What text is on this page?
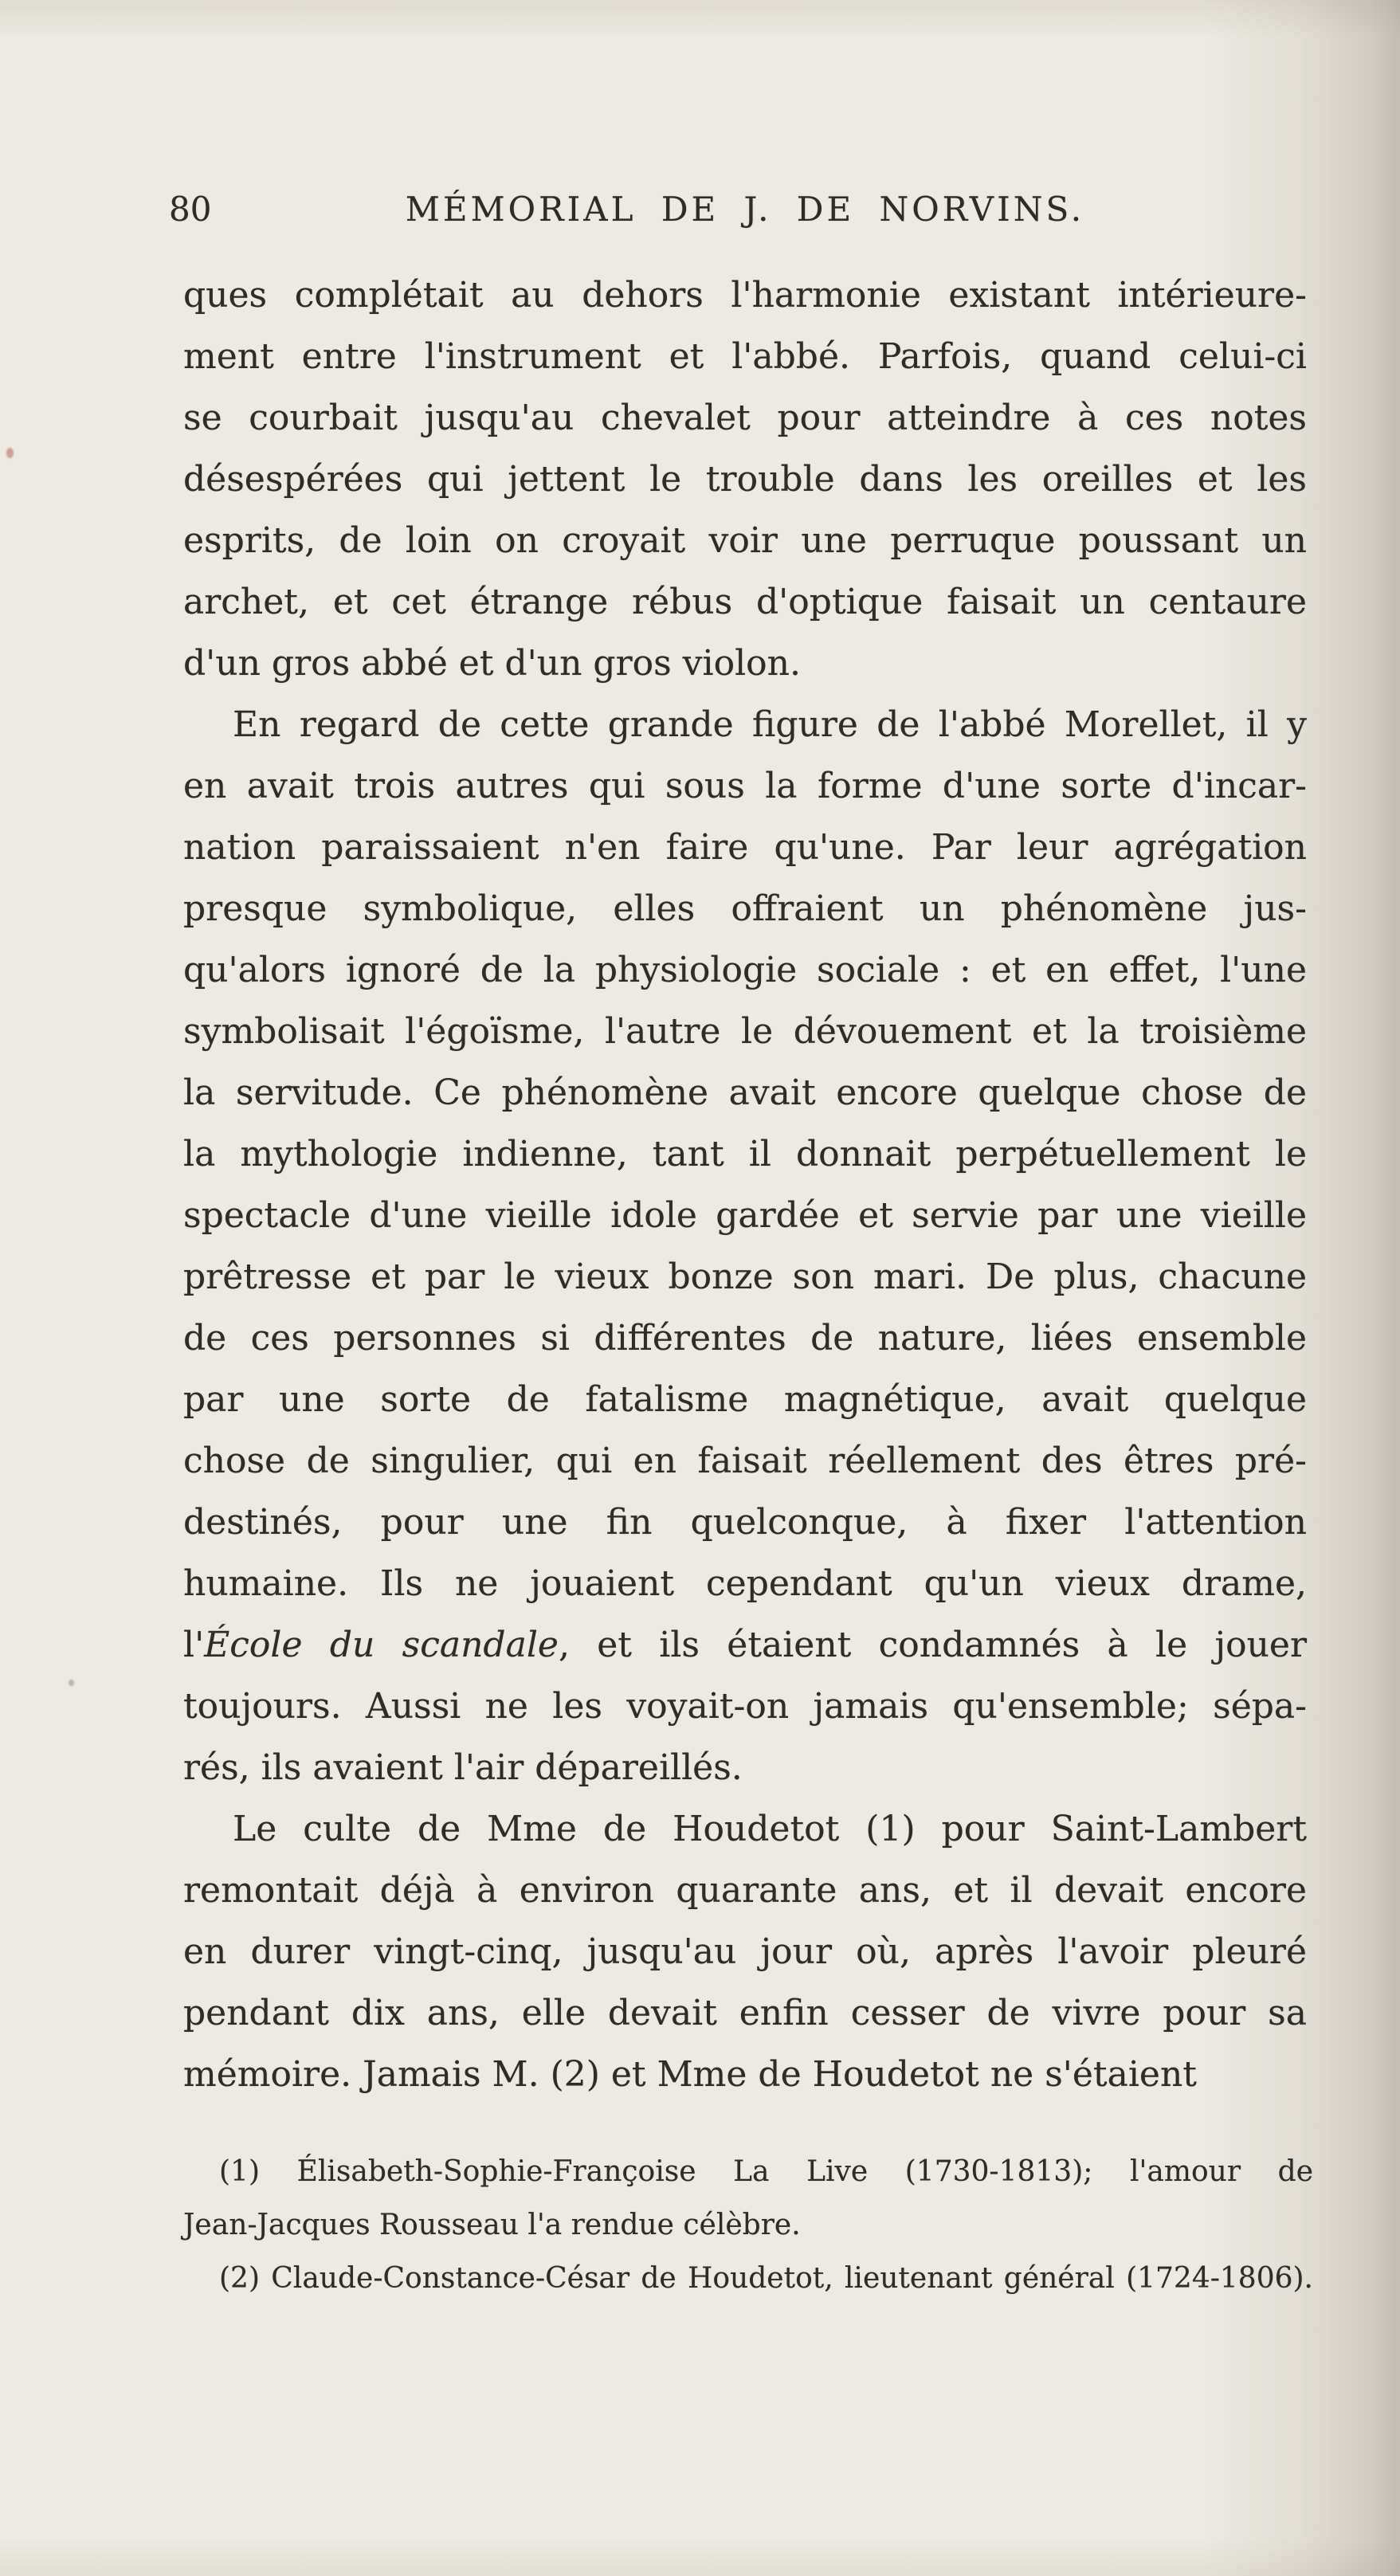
80	MÉMORIAL DE J. DE NORVINS.
ques complétait au dehors l'harmonie existant intérieure-
ment entre l'instrument et l'abbé. Parfois, quand celui-ci
se courbait jusqu'au chevalet pour atteindre à ces notes
désespérées qui jettent le trouble dans les oreilles et les
esprits, de loin on croyait voir une perruque poussant un
archet, et cet étrange rébus d'optique faisait un centaure
d'un gros abbé et d'un gros violon.
En regard de cette grande figure de l'abbé Morellet, il y
en avait trois autres qui sous la forme d'une sorte d'incar-
nation paraissaient n'en faire qu'une. Par leur agrégation
presque symbolique, elles offraient un phénomène jus-
qu'alors ignoré de la physiologie sociale : et en effet, l'une
symbolisait l'égoïsme, l'autre le dévouement et la troisième
la servitude. Ce phénomène avait encore quelque chose de
la mythologie indienne, tant il donnait perpétuellement le
spectacle d'une vieille idole gardée et servie par une vieille
prêtresse et par le vieux bonze son mari. De plus, chacune
de ces personnes si différentes de nature, liées ensemble
par une sorte de fatalisme magnétique, avait quelque
chose de singulier, qui en faisait réellement des êtres pré-
destinés, pour une fin quelconque, à fixer l'attention
humaine. Ils ne jouaient cependant qu'un vieux drame,
l'École du scandale, et ils étaient condamnés à le jouer
toujours. Aussi ne les voyait-on jamais qu'ensemble; sépa-
rés, ils avaient l'air dépareillés.
Le culte de Mme de Houdetot (1) pour Saint-Lambert
remontait déjà à environ quarante ans, et il devait encore
en durer vingt-cinq, jusqu'au jour où, après l'avoir pleuré
pendant dix ans, elle devait enfin cesser de vivre pour sa
mémoire. Jamais M. (2) et Mme de Houdetot ne s'étaient
(1) Élisabeth-Sophie-Françoise La Live (1730-1813); l'amour de
Jean-Jacques Rousseau l'a rendue célèbre.
(2) Claude-Constance-César de Houdetot, lieutenant général (1724-1806).
